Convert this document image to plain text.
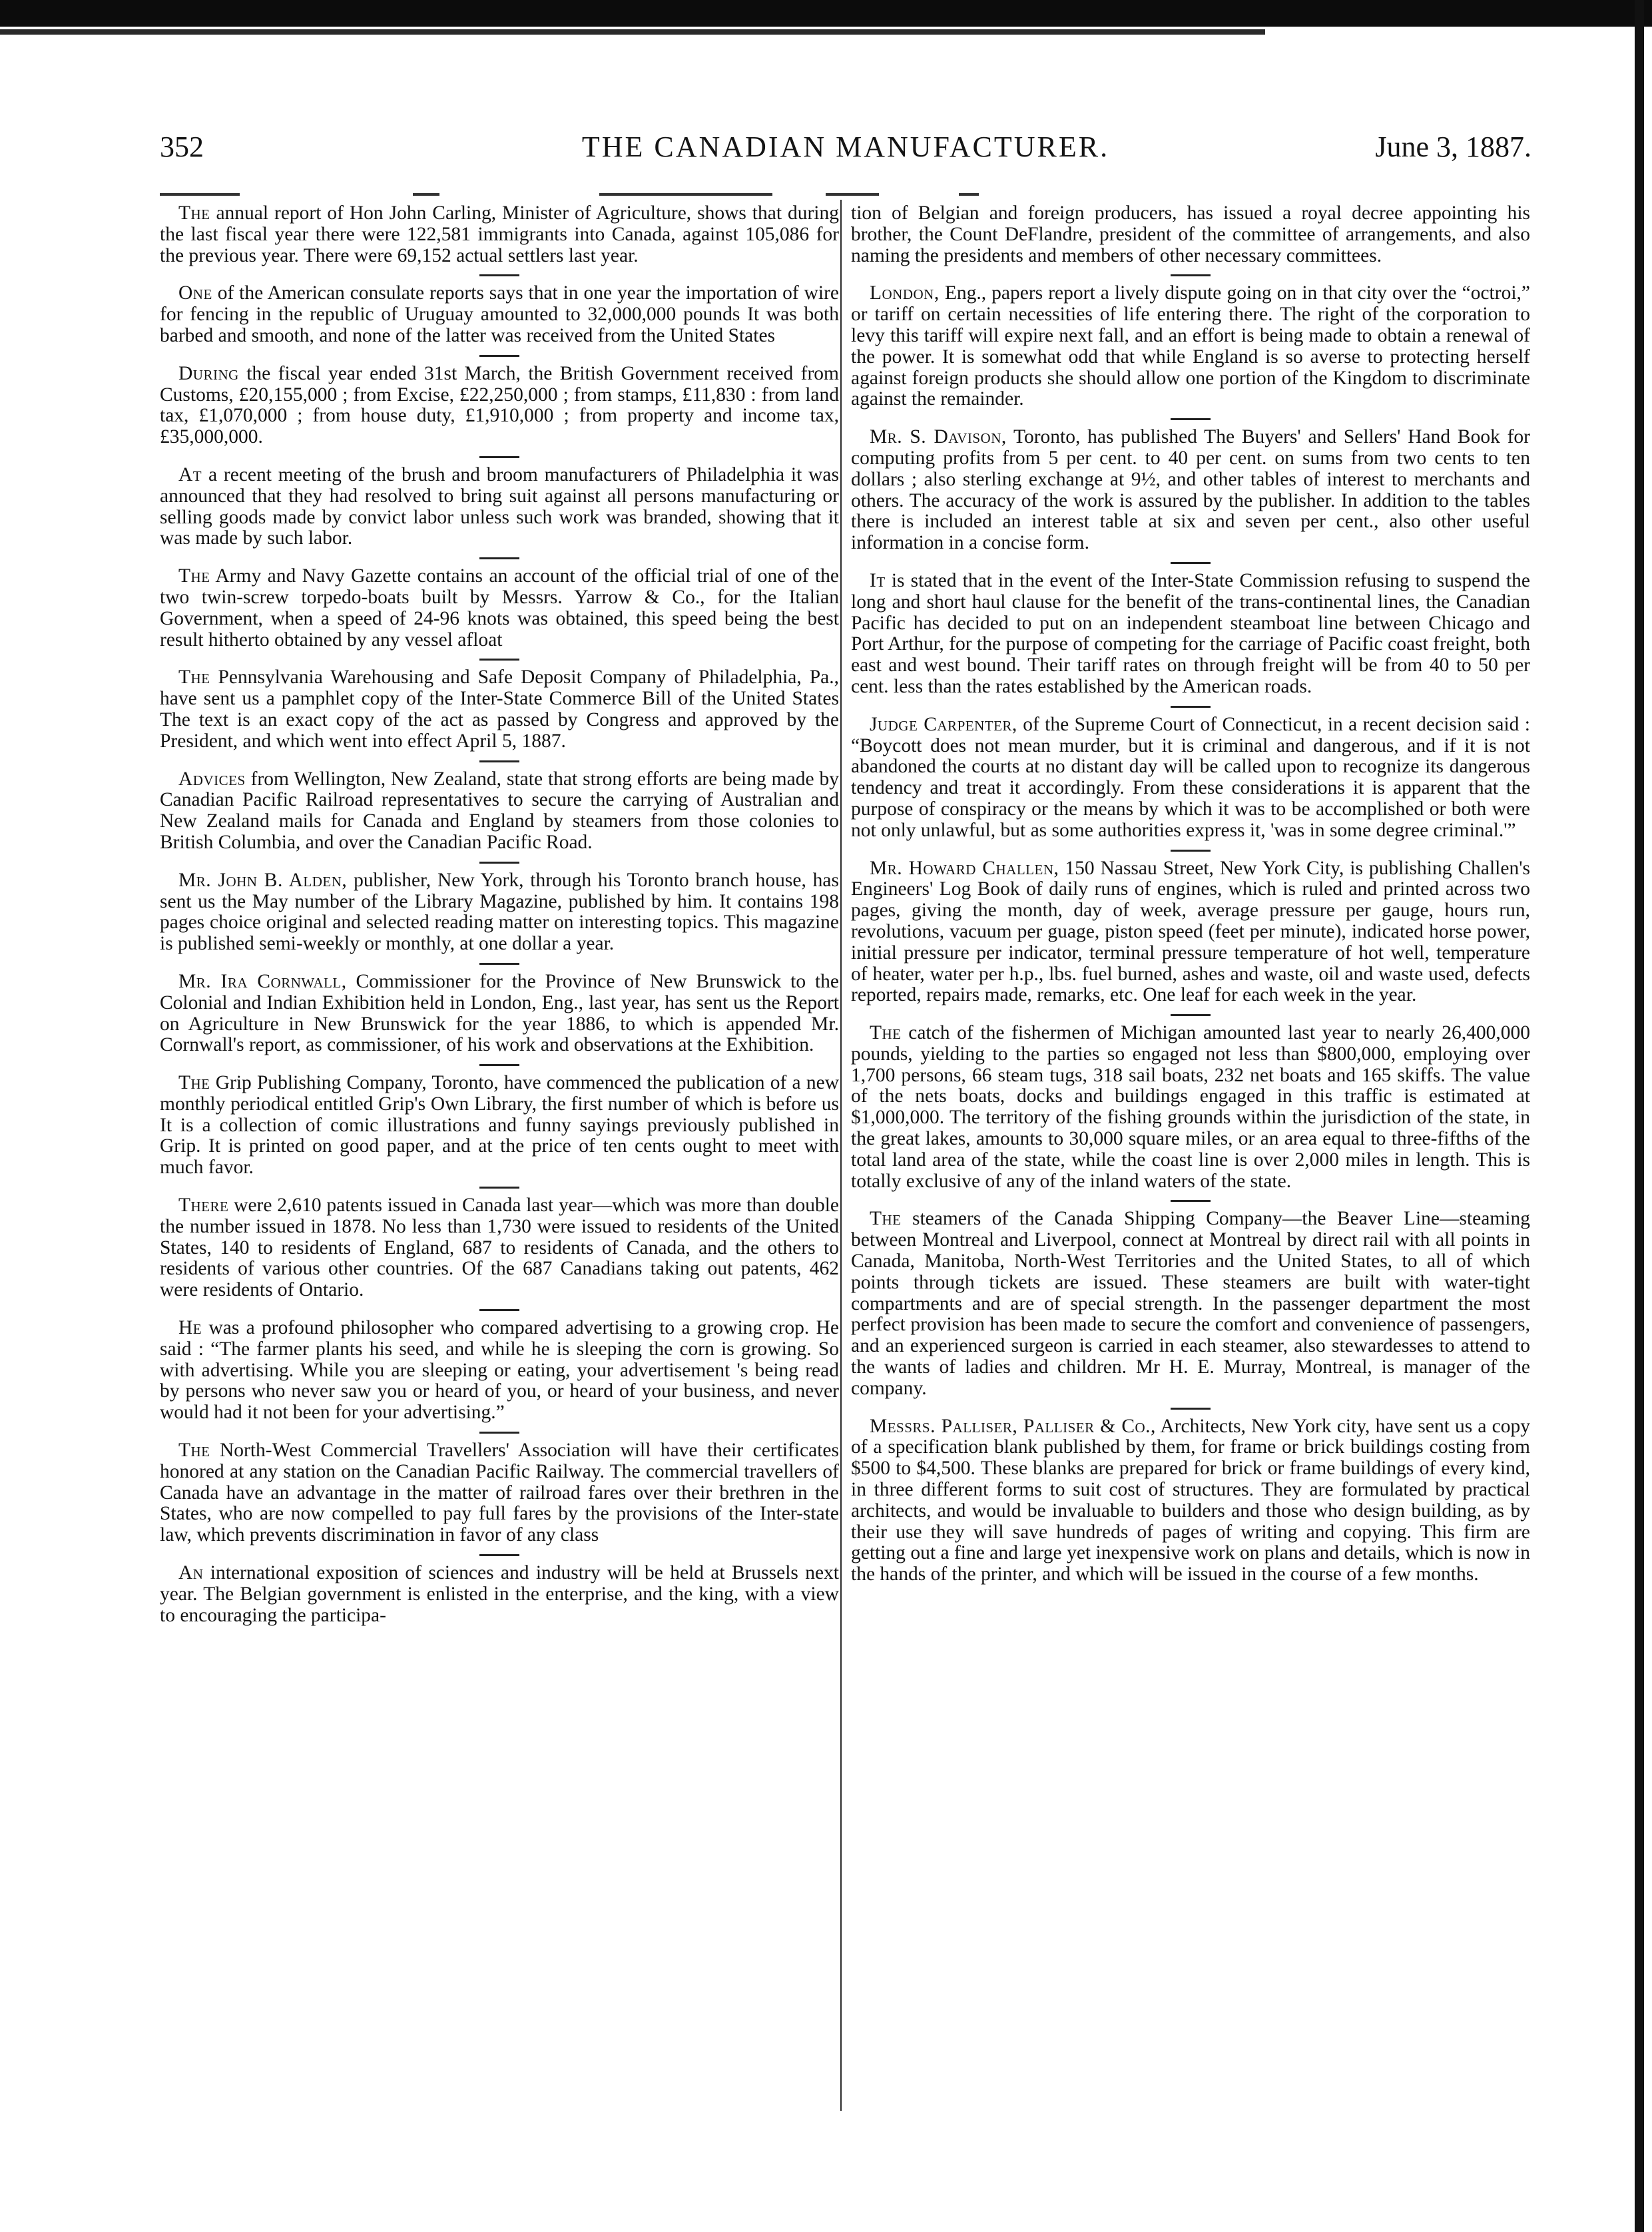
THE CANADIAN MANUFACTURER.
352	June 3, 1887.

The annual report of Hon John Carling, Minister of Agriculture, shows that during the last fiscal year there were 122,581 immigrants into Canada, against 105,086 for the previous year. There were 69,152 actual settlers last year.

One of the American consulate reports says that in one year the importation of wire for fencing in the republic of Uruguay amounted to 32,000,000 pounds It was both barbed and smooth, and none of the latter was received from the United States

During the fiscal year ended 31st March, the British Government received from Customs, £20,155,000 ; from Excise, £22,250,000 ; from stamps, £11,830 : from land tax, £1,070,000 ; from house duty, £1,910,000 ; from property and income tax, £35,000,000.

At a recent meeting of the brush and broom manufacturers of Philadelphia it was announced that they had resolved to bring suit against all persons manufacturing or selling goods made by convict labor unless such work was branded, showing that it was made by such labor.

The Army and Navy Gazette contains an account of the official trial of one of the two twin-screw torpedo-boats built by Messrs. Yarrow & Co., for the Italian Government, when a speed of 24-96 knots was obtained, this speed being the best result hitherto obtained by any vessel afloat

The Pennsylvania Warehousing and Safe Deposit Company of Philadelphia, Pa., have sent us a pamphlet copy of the Inter-State Commerce Bill of the United States The text is an exact copy of the act as passed by Congress and approved by the President, and which went into effect April 5, 1887.

Advices from Wellington, New Zealand, state that strong efforts are being made by Canadian Pacific Railroad representatives to secure the carrying of Australian and New Zealand mails for Canada and England by steamers from those colonies to British Columbia, and over the Canadian Pacific Road.

Mr. John B. Alden, publisher, New York, through his Toronto branch house, has sent us the May number of the Library Magazine, published by him. It contains 198 pages choice original and selected reading matter on interesting topics. This magazine is published semi-weekly or monthly, at one dollar a year.

Mr. Ira Cornwall, Commissioner for the Province of New Brunswick to the Colonial and Indian Exhibition held in London, Eng., last year, has sent us the Report on Agriculture in New Brunswick for the year 1886, to which is appended Mr. Cornwall's report, as commissioner, of his work and observations at the Exhibition.

The Grip Publishing Company, Toronto, have commenced the publication of a new monthly periodical entitled Grip's Own Library, the first number of which is before us It is a collection of comic illustrations and funny sayings previously published in Grip. It is printed on good paper, and at the price of ten cents ought to meet with much favor.

There were 2,610 patents issued in Canada last year—which was more than double the number issued in 1878. No less than 1,730 were issued to residents of the United States, 140 to residents of England, 687 to residents of Canada, and the others to residents of various other countries. Of the 687 Canadians taking out patents, 462 were residents of Ontario.

He was a profound philosopher who compared advertising to a growing crop. He said : “The farmer plants his seed, and while he is sleeping the corn is growing. So with advertising. While you are sleeping or eating, your advertisement 's being read by persons who never saw you or heard of you, or heard of your business, and never would had it not been for your advertising.”

The North-West Commercial Travellers' Association will have their certificates honored at any station on the Canadian Pacific Railway. The commercial travellers of Canada have an advantage in the matter of railroad fares over their brethren in the States, who are now compelled to pay full fares by the provisions of the Inter-state law, which prevents discrimination in favor of any class

An international exposition of sciences and industry will be held at Brussels next year. The Belgian government is enlisted in the enterprise, and the king, with a view to encouraging the participa-

tion of Belgian and foreign producers, has issued a royal decree appointing his brother, the Count DeFlandre, president of the committee of arrangements, and also naming the presidents and members of other necessary committees.

London, Eng., papers report a lively dispute going on in that city over the “octroi,” or tariff on certain necessities of life entering there. The right of the corporation to levy this tariff will expire next fall, and an effort is being made to obtain a renewal of the power. It is somewhat odd that while England is so averse to protecting herself against foreign products she should allow one portion of the Kingdom to discriminate against the remainder.

Mr. S. Davison, Toronto, has published The Buyers' and Sellers' Hand Book for computing profits from 5 per cent. to 40 per cent. on sums from two cents to ten dollars ; also sterling exchange at 9½, and other tables of interest to merchants and others. The accuracy of the work is assured by the publisher. In addition to the tables there is included an interest table at six and seven per cent., also other useful information in a concise form.

It is stated that in the event of the Inter-State Commission refusing to suspend the long and short haul clause for the benefit of the trans-continental lines, the Canadian Pacific has decided to put on an independent steamboat line between Chicago and Port Arthur, for the purpose of competing for the carriage of Pacific coast freight, both east and west bound. Their tariff rates on through freight will be from 40 to 50 per cent. less than the rates established by the American roads.

Judge Carpenter, of the Supreme Court of Connecticut, in a recent decision said : “Boycott does not mean murder, but it is criminal and dangerous, and if it is not abandoned the courts at no distant day will be called upon to recognize its dangerous tendency and treat it accordingly. From these considerations it is apparent that the purpose of conspiracy or the means by which it was to be accomplished or both were not only unlawful, but as some authorities express it, 'was in some degree criminal.'”

Mr. Howard Challen, 150 Nassau Street, New York City, is publishing Challen's Engineers' Log Book of daily runs of engines, which is ruled and printed across two pages, giving the month, day of week, average pressure per gauge, hours run, revolutions, vacuum per guage, piston speed (feet per minute), indicated horse power, initial pressure per indicator, terminal pressure temperature of hot well, temperature of heater, water per h.p., lbs. fuel burned, ashes and waste, oil and waste used, defects reported, repairs made, remarks, etc. One leaf for each week in the year.

The catch of the fishermen of Michigan amounted last year to nearly 26,400,000 pounds, yielding to the parties so engaged not less than $800,000, employing over 1,700 persons, 66 steam tugs, 318 sail boats, 232 net boats and 165 skiffs. The value of the nets boats, docks and buildings engaged in this traffic is estimated at $1,000,000. The territory of the fishing grounds within the jurisdiction of the state, in the great lakes, amounts to 30,000 square miles, or an area equal to three-fifths of the total land area of the state, while the coast line is over 2,000 miles in length. This is totally exclusive of any of the inland waters of the state.

The steamers of the Canada Shipping Company—the Beaver Line—steaming between Montreal and Liverpool, connect at Montreal by direct rail with all points in Canada, Manitoba, North-West Territories and the United States, to all of which points through tickets are issued. These steamers are built with water-tight compartments and are of special strength. In the passenger department the most perfect provision has been made to secure the comfort and convenience of passengers, and an experienced surgeon is carried in each steamer, also stewardesses to attend to the wants of ladies and children. Mr H. E. Murray, Montreal, is manager of the company.

Messrs. Palliser, Palliser & Co., Architects, New York city, have sent us a copy of a specification blank published by them, for frame or brick buildings costing from $500 to $4,500. These blanks are prepared for brick or frame buildings of every kind, in three different forms to suit cost of structures. They are formulated by practical architects, and would be invaluable to builders and those who design building, as by their use they will save hundreds of pages of writing and copying. This firm are getting out a fine and large yet inexpensive work on plans and details, which is now in the hands of the printer, and which will be issued in the course of a few months.
